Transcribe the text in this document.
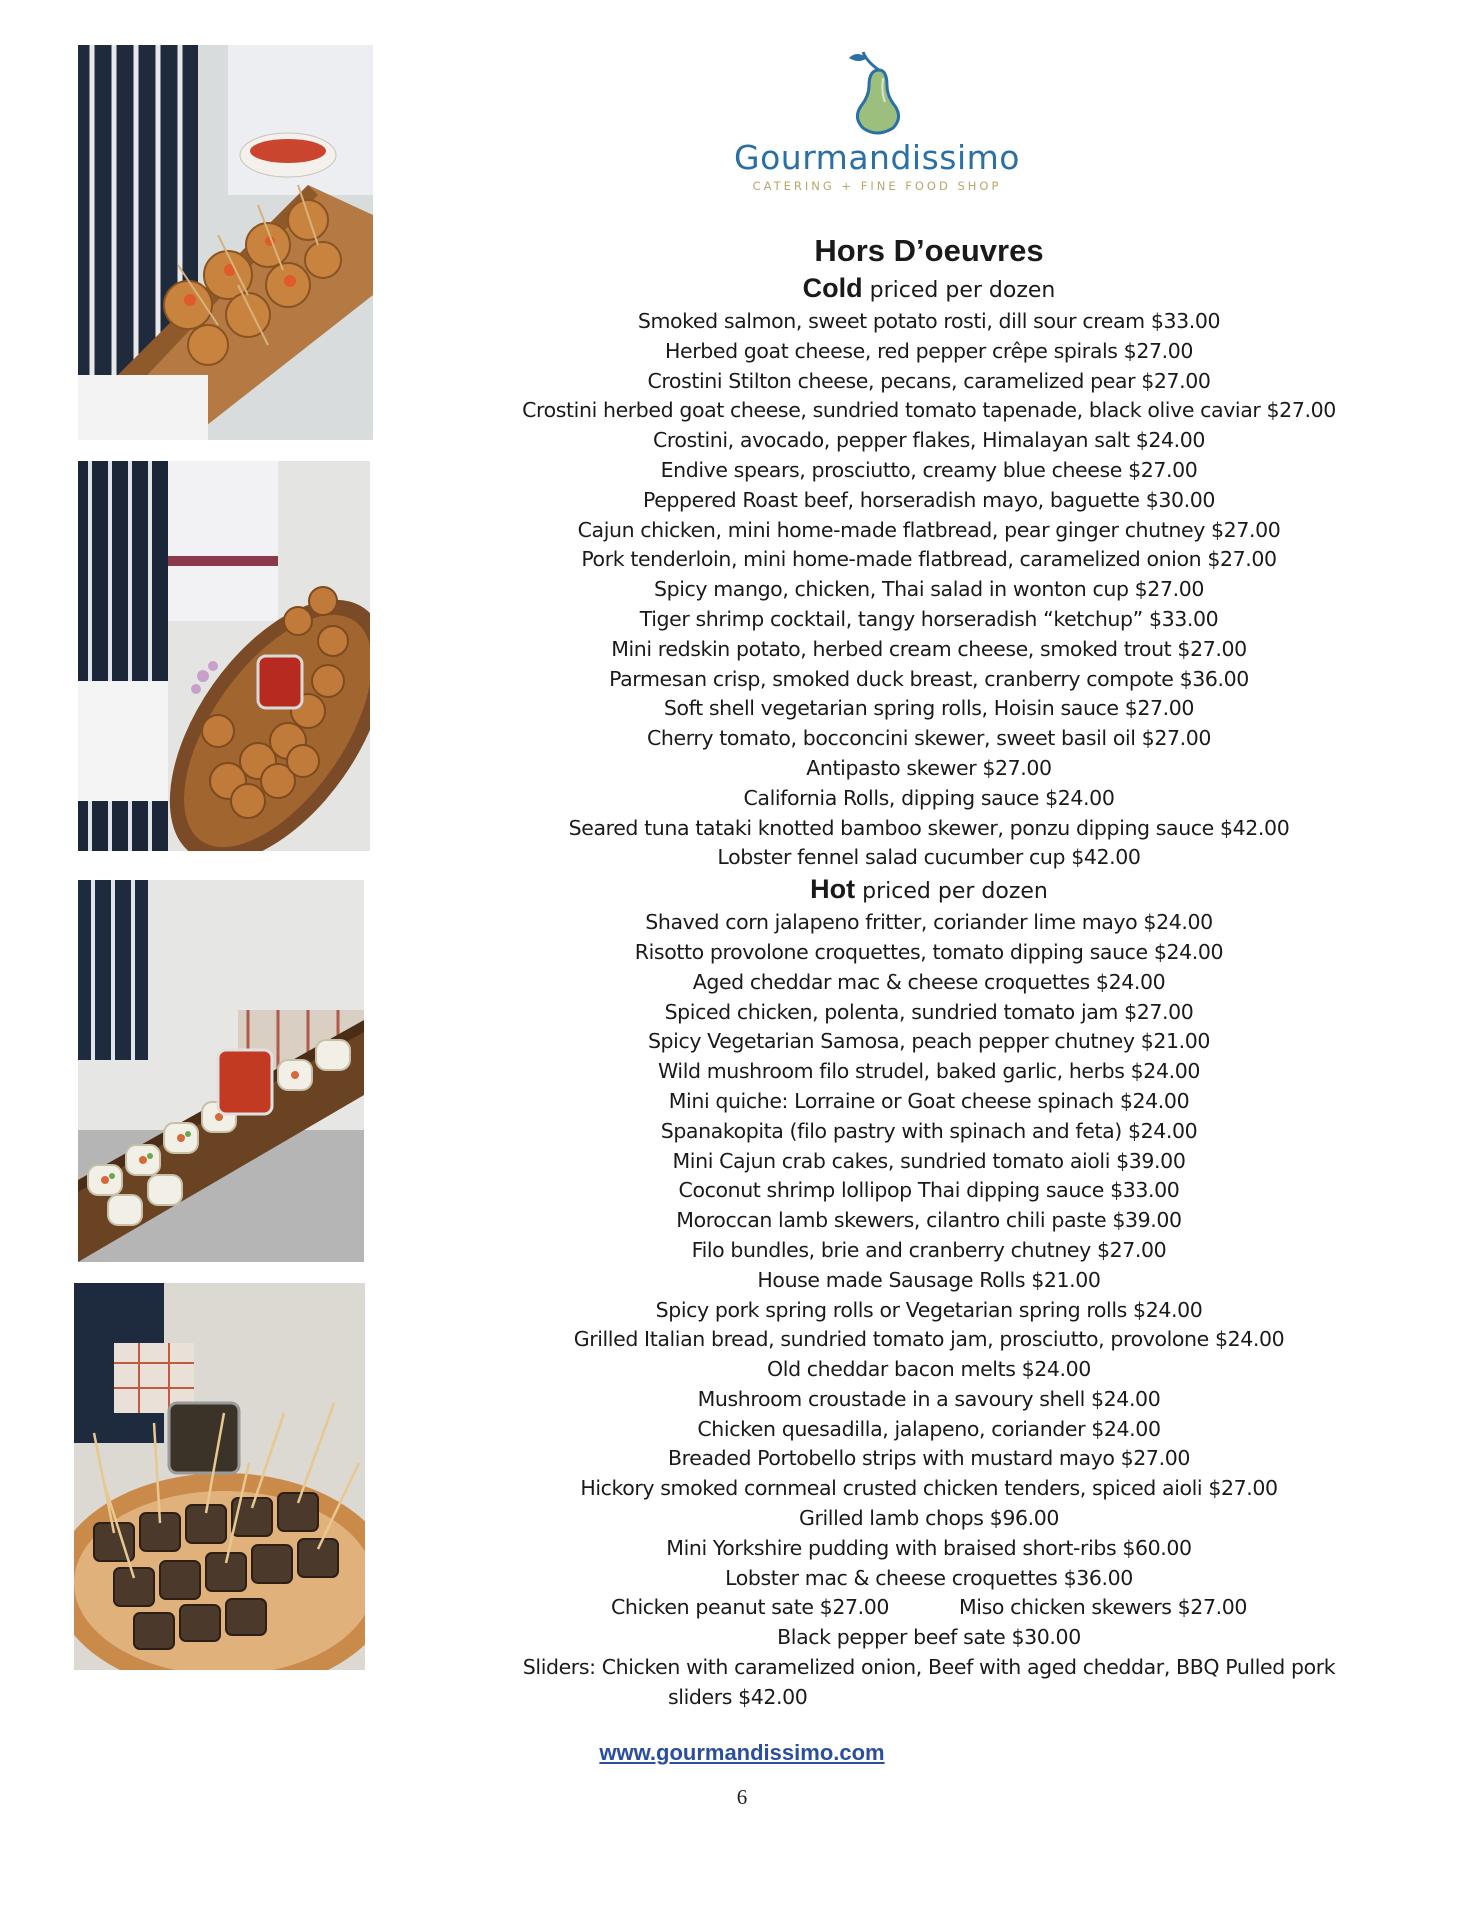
Gourmandissimo
CATERING + FINE FOOD SHOP
Hors D’oeuvres
Cold priced per dozen
Smoked salmon, sweet potato rosti, dill sour cream $33.00
Herbed goat cheese, red pepper crêpe spirals $27.00
Crostini Stilton cheese, pecans, caramelized pear $27.00
Crostini herbed goat cheese, sundried tomato tapenade, black olive caviar $27.00
Crostini, avocado, pepper flakes, Himalayan salt $24.00
Endive spears, prosciutto, creamy blue cheese $27.00
Peppered Roast beef, horseradish mayo, baguette $30.00
Cajun chicken, mini home-made flatbread, pear ginger chutney $27.00
Pork tenderloin, mini home-made flatbread, caramelized onion $27.00
Spicy mango, chicken, Thai salad in wonton cup $27.00
Tiger shrimp cocktail, tangy horseradish “ketchup” $33.00
Mini redskin potato, herbed cream cheese, smoked trout $27.00
Parmesan crisp, smoked duck breast, cranberry compote $36.00
Soft shell vegetarian spring rolls, Hoisin sauce $27.00
Cherry tomato, bocconcini skewer, sweet basil oil $27.00
Antipasto skewer $27.00
California Rolls, dipping sauce $24.00
Seared tuna tataki knotted bamboo skewer, ponzu dipping sauce $42.00
Lobster fennel salad cucumber cup $42.00
Hot priced per dozen
Shaved corn jalapeno fritter, coriander lime mayo $24.00
Risotto provolone croquettes, tomato dipping sauce $24.00
Aged cheddar mac & cheese croquettes $24.00
Spiced chicken, polenta, sundried tomato jam $27.00
Spicy Vegetarian Samosa, peach pepper chutney $21.00
Wild mushroom filo strudel, baked garlic, herbs $24.00
Mini quiche: Lorraine or Goat cheese spinach $24.00
Spanakopita (filo pastry with spinach and feta) $24.00
Mini Cajun crab cakes, sundried tomato aioli $39.00
Coconut shrimp lollipop Thai dipping sauce $33.00
Moroccan lamb skewers, cilantro chili paste $39.00
Filo bundles, brie and cranberry chutney $27.00
House made Sausage Rolls $21.00
Spicy pork spring rolls or Vegetarian spring rolls $24.00
Grilled Italian bread, sundried tomato jam, prosciutto, provolone $24.00
Old cheddar bacon melts $24.00
Mushroom croustade in a savoury shell $24.00
Chicken quesadilla, jalapeno, coriander $24.00
Breaded Portobello strips with mustard mayo $27.00
Hickory smoked cornmeal crusted chicken tenders, spiced aioli $27.00
Grilled lamb chops $96.00
Mini Yorkshire pudding with braised short-ribs $60.00
Lobster mac & cheese croquettes $36.00
Chicken peanut sate $27.00	Miso chicken skewers $27.00
Black pepper beef sate $30.00
Sliders: Chicken with caramelized onion, Beef with aged cheddar, BBQ Pulled pork
sliders $42.00
www.gourmandissimo.com
6
